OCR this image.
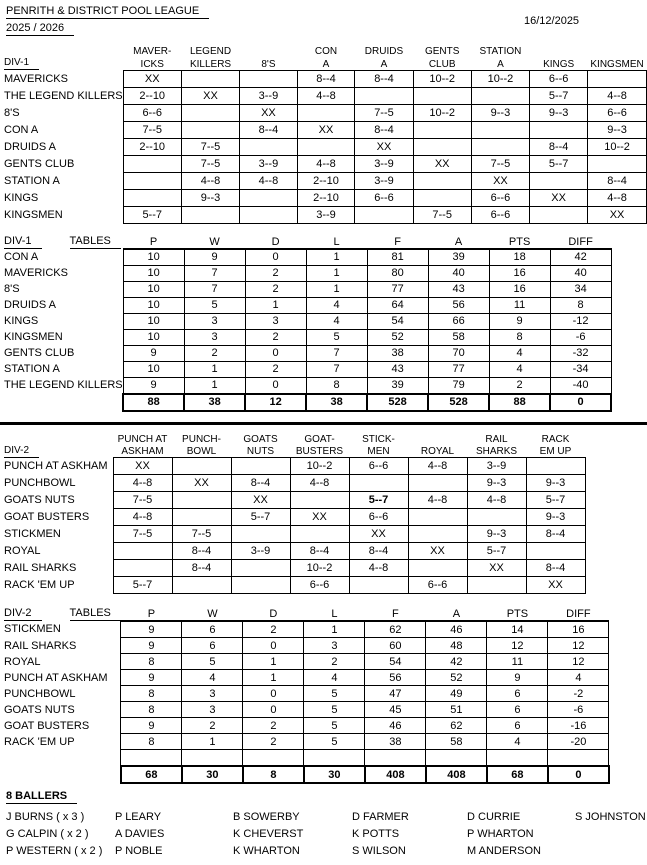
PENRITH & DISTRICT POOL LEAGUE
2025 / 2026
16/12/2025
	MAVER-	LEGEND		CON	DRUIDS	GENTS	STATION		
DIV-1	ICKS	KILLERS	8'S	A	A	CLUB	A	KINGS	KINGSMEN
MAVERICKS	XX			8--4	8--4	10--2	10--2	6--6	
THE LEGEND KILLERS	2--10	XX	3--9	4--8				5--7	4--8
8'S	6--6		XX		7--5	10--2	9--3	9--3	6--6
CON A	7--5		8--4	XX	8--4				9--3
DRUIDS A	2--10	7--5			XX			8--4	10--2
GENTS CLUB		7--5	3--9	4--8	3--9	XX	7--5	5--7	
STATION A		4--8	4--8	2--10	3--9		XX		8--4
KINGS		9--3		2--10	6--6		6--6	XX	4--8
KINGSMEN	5--7			3--9		7--5	6--6		XX
DIV-1 TABLES	P	W	D	L	F	A	PTS	DIFF
CON A	10	9	0	1	81	39	18	42
MAVERICKS	10	7	2	1	80	40	16	40
8'S	10	7	2	1	77	43	16	34
DRUIDS A	10	5	1	4	64	56	11	8
KINGS	10	3	3	4	54	66	9	-12
KINGSMEN	10	3	2	5	52	58	8	-6
GENTS CLUB	9	2	0	7	38	70	4	-32
STATION A	10	1	2	7	43	77	4	-34
THE LEGEND KILLERS	9	1	0	8	39	79	2	-40
	88	38	12	38	528	528	88	0
	PUNCH AT	PUNCH-	GOATS	GOAT-	STICK-		RAIL	RACK
DIV-2	ASKHAM	BOWL	NUTS	BUSTERS	MEN	ROYAL	SHARKS	EM UP
PUNCH AT ASKHAM	XX			10--2	6--6	4--8	3--9	
PUNCHBOWL	4--8	XX	8--4	4--8			9--3	9--3
GOATS NUTS	7--5		XX		5--7	4--8	4--8	5--7
GOAT BUSTERS	4--8		5--7	XX	6--6			9--3
STICKMEN	7--5	7--5			XX		9--3	8--4
ROYAL		8--4	3--9	8--4	8--4	XX	5--7	
RAIL SHARKS		8--4		10--2	4--8		XX	8--4
RACK 'EM UP	5--7			6--6		6--6		XX
DIV-2 TABLES	P	W	D	L	F	A	PTS	DIFF
STICKMEN	9	6	2	1	62	46	14	16
RAIL SHARKS	9	6	0	3	60	48	12	12
ROYAL	8	5	1	2	54	42	11	12
PUNCH AT ASKHAM	9	4	1	4	56	52	9	4
PUNCHBOWL	8	3	0	5	47	49	6	-2
GOATS NUTS	8	3	0	5	45	51	6	-6
GOAT BUSTERS	9	2	2	5	46	62	6	-16
RACK 'EM UP	8	1	2	5	38	58	4	-20

	68	30	8	30	408	408	68	0
8 BALLERS
J BURNS ( x 3 )
G CALPIN ( x 2 )
P WESTERN ( x 2 )
P LEARY
A DAVIES
P NOBLE
B SOWERBY
K CHEVERST
K WHARTON
D FARMER
K POTTS
S WILSON
D CURRIE
P WHARTON
M ANDERSON
S JOHNSTON
